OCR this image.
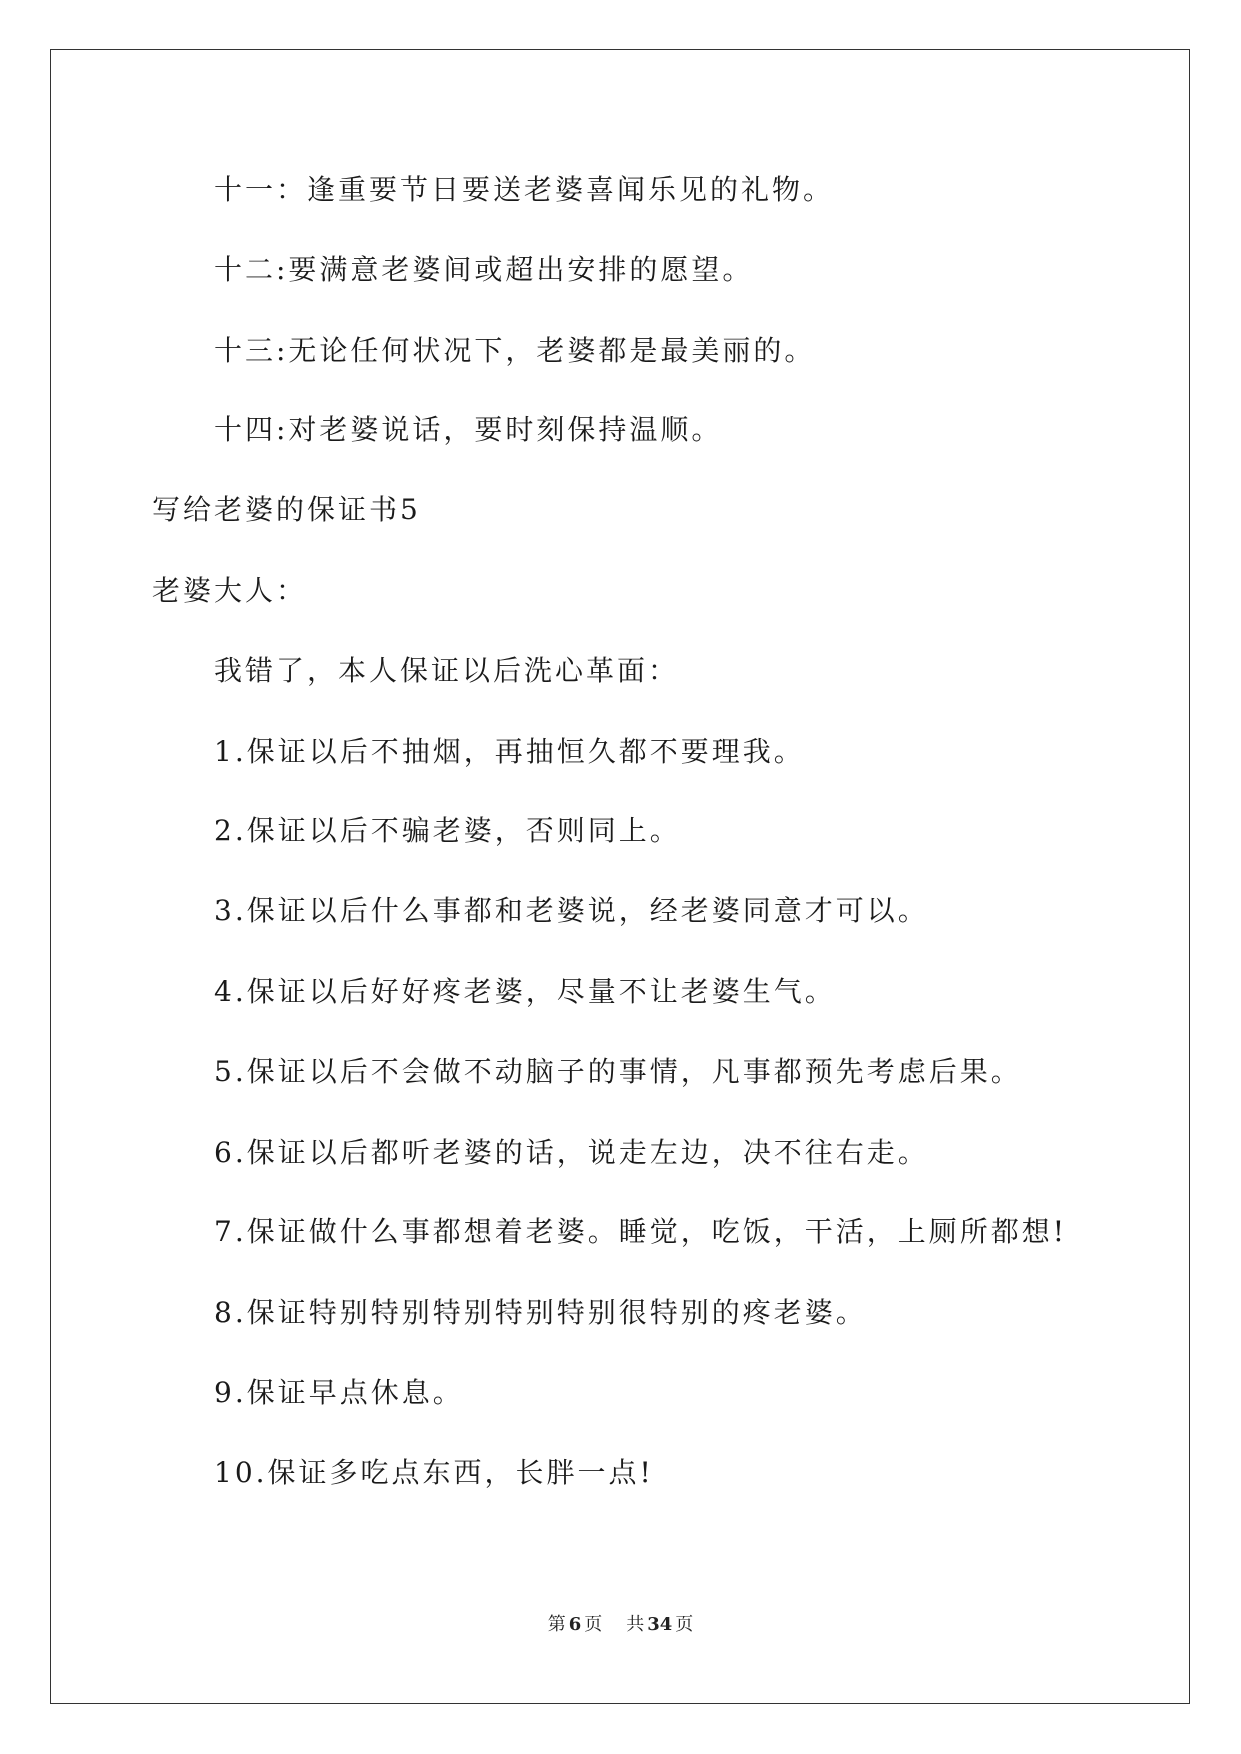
十一：逢重要节日要送老婆喜闻乐见的礼物。
十二:要满意老婆间或超出安排的愿望。
十三:无论任何状况下，老婆都是最美丽的。
十四:对老婆说话，要时刻保持温顺。
写给老婆的保证书5
老婆大人：
我错了，本人保证以后洗心革面：
1.保证以后不抽烟，再抽恒久都不要理我。
2.保证以后不骗老婆，否则同上。
3.保证以后什么事都和老婆说，经老婆同意才可以。
4.保证以后好好疼老婆，尽量不让老婆生气。
5.保证以后不会做不动脑子的事情，凡事都预先考虑后果。
6.保证以后都听老婆的话，说走左边，决不往右走。
7.保证做什么事都想着老婆。睡觉，吃饭，干活，上厕所都想!
8.保证特别特别特别特别特别很特别的疼老婆。
9.保证早点休息。
10.保证多吃点东西，长胖一点!
第 6 页 共 34 页
